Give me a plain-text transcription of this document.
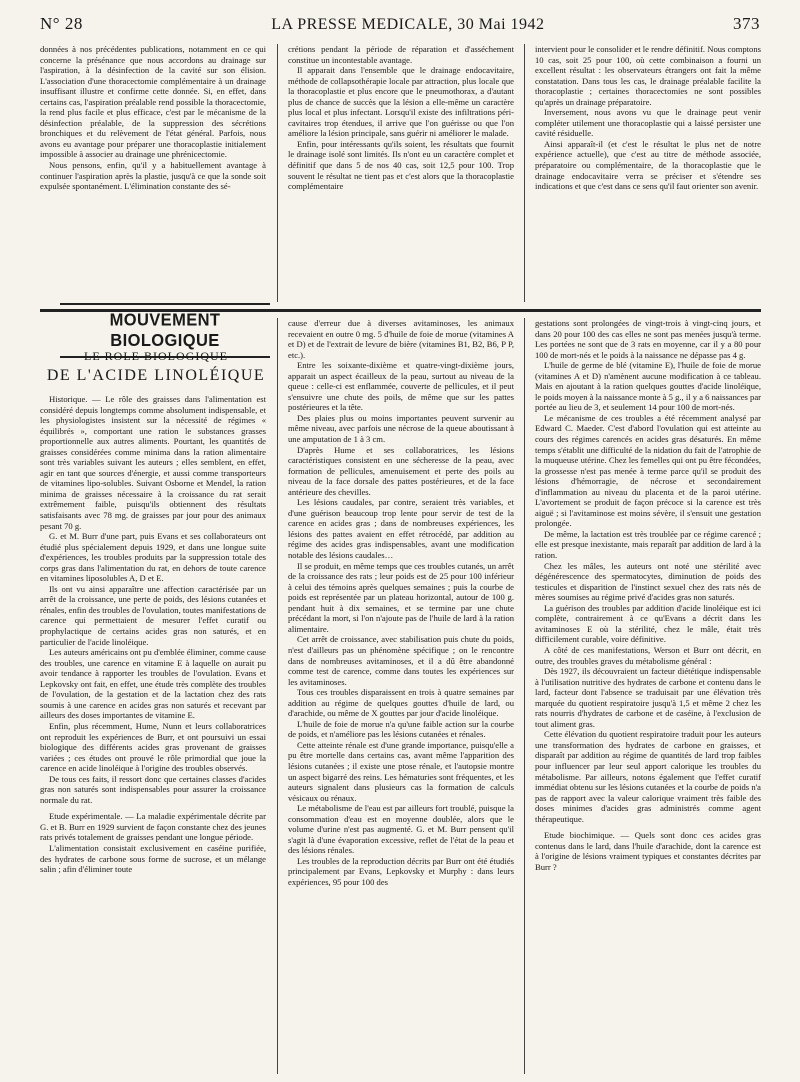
N° 28	LA PRESSE MEDICALE, 30 Mai 1942	373

données à nos précédentes publications, notamment en ce qui concerne la présénance que nous accordons au drainage sur l'aspiration, à la désinfection de la cavité sur son élision. L'association d'une thoracectomie complémentaire à un drainage insuffisant illustre et confirme cette donnée. Si, en effet, dans certains cas, l'aspiration préalable rend possible la thoracectomie, la rend plus facile et plus efficace, c'est par le mécanisme de la désinfection préalable, de la suppression des sécrétions bronchiques et du relèvement de l'état général. Parfois, nous avons eu avantage pour préparer une thoracoplastie initialement impossible à associer au drainage une phrénicectomie.

Nous pensons, enfin, qu'il y a habituellement avantage à continuer l'aspiration après la plastie, jusqu'à ce que la sonde soit expulsée spontanément. L'élimination constante des sé-

crétions pendant la période de réparation et d'asséchement constitue un incontestable avantage.

Il apparait dans l'ensemble que le drainage endocavitaire, méthode de collapsothérapie locale par attraction, plus locale que la thoracoplastie et plus encore que le pneumothorax, a d'autant plus de chance de succès que la lésion a elle-même un caractère plus local et plus infectant. Lorsqu'il existe des infiltrations péri-cavitaires trop étendues, il arrive que l'on guérisse ou que l'on améliore la lésion principale, sans guérir ni améliorer le malade.

Enfin, pour intéressants qu'ils soient, les résultats que fournit le drainage isolé sont limités. Ils n'ont eu un caractère complet et définitif que dans 5 de nos 40 cas, soit 12,5 pour 100. Trop souvent le résultat ne tient pas et c'est alors que la thoracoplastie complémentaire

intervient pour le consolider et le rendre définitif. Nous comptons 10 cas, soit 25 pour 100, où cette combinaison a fourni un excellent résultat : les observateurs étrangers ont fait la même constatation. Dans tous les cas, le drainage préalable facilite la thoracoplastie ; certaines thoracectomies ne sont possibles qu'après un drainage préparatoire.

Inversement, nous avons vu que le drainage peut venir compléter utilement une thoracoplastie qui a laissé persister une cavité résiduelle.

Ainsi apparaît-il (et c'est le résultat le plus net de notre expérience actuelle), que c'est au titre de méthode associée, préparatoire ou complémentaire, de la thoracoplastie que le drainage endocavitaire verra se préciser et s'étendre ses indications et que c'est dans ce sens qu'il faut orienter son avenir.

MOUVEMENT BIOLOGIQUE
LE ROLE BIOLOGIQUE
DE L'ACIDE LINOLÉIQUE

Historique. — Le rôle des graisses dans l'alimentation est considéré depuis longtemps comme absolument indispensable, et les physiologistes insistent sur la nécessité de régimes « équilibrés », comportant une ration le substances grasses proportionnelle aux autres aliments. Pourtant, les quantités de graisses considérées comme minima dans la ration alimentaire sont très variables suivant les auteurs ; elles semblent, en effet, agir en tant que sources d'énergie, et aussi comme transporteurs de vitamines lipo-solubles. Suivant Osborne et Mendel, la ration minima de graisses nécessaire à la croissance du rat serait extrêmement faible, puisqu'ils obtiennent des résultats satisfaisants avec 78 mg. de graisses par jour pour des animaux pesant 70 g.

G. et M. Burr d'une part, puis Evans et ses collaborateurs ont étudié plus spécialement depuis 1929, et dans une longue suite d'expériences, les troubles produits par la suppression totale des corps gras dans l'alimentation du rat, en dehors de toute carence en vitamines liposolubles A, D et E.

Ils ont vu ainsi apparaître une affection caractérisée par un arrêt de la croissance, une perte de poids, des lésions cutanées et rénales, enfin des troubles de l'ovulation, toutes manifestations de carence qui permettaient de mesurer l'effet curatif ou prophylactique de certains acides gras non saturés, et en particulier de l'acide linoléique.

Les auteurs américains ont pu d'emblée éliminer, comme cause des troubles, une carence en vitamine E à laquelle on aurait pu avoir tendance à rapporter les troubles de l'ovulation. Evans et Lepkovsky ont fait, en effet, une étude très complète des troubles de l'ovulation, de la gestation et de la lactation chez des rats soumis à une carence en acides gras non saturés et recevant par ailleurs des doses importantes de vitamine E.

Enfin, plus récemment, Hume, Nunn et leurs collaboratrices ont reproduit les expériences de Burr, et ont poursuivi un essai biologique des différents acides gras provenant de graisses variées ; ces études ont prouvé le rôle primordial que joue la carence en acide linoléique à l'origine des troubles observés.

De tous ces faits, il ressort donc que certaines classes d'acides gras non saturés sont indispensables pour assurer la croissance normale du rat.

Etude expérimentale. — La maladie expérimentale décrite par G. et B. Burr en 1929 survient de façon constante chez des jeunes rats privés totalement de graisses pendant une longue période.

L'alimentation consistait exclusivement en caséine purifiée, des hydrates de carbone sous forme de sucrose, et un mélange salin ; afin d'éliminer toute

cause d'erreur due à diverses avitaminoses, les animaux recevaient en outre 0 mg. 5 d'huile de foie de morue (vitamines A et D) et de l'extrait de levure de bière (vitamines B1, B2, B6, P P, etc.).

Entre les soixante-dixième et quatre-vingt-dixième jours, apparait un aspect écailleux de la peau, surtout au niveau de la queue : celle-ci est enflammée, couverte de pellicules, et il peut s'ensuivre une chute des poils, de même que sur les pattes postérieures et la tête.

Des plaies plus ou moins importantes peuvent survenir au même niveau, avec parfois une nécrose de la queue aboutissant à une amputation de 1 à 3 cm.

D'après Hume et ses collaboratrices, les lésions caractéristiques consistent en une sécheresse de la peau, avec formation de pellicules, amenuisement et perte des poils au niveau de la face dorsale des pattes postérieures, et de la face antérieure des chevilles.

Les lésions caudales, par contre, seraient très variables, et d'une guérison beaucoup trop lente pour servir de test de la carence en acides gras ; dans de nombreuses expériences, les lésions des pattes avaient en effet rétrocédé, par addition au régime des acides gras indispensables, avant une modification notable des lésions caudales…

Il se produit, en même temps que ces troubles cutanés, un arrêt de la croissance des rats ; leur poids est de 25 pour 100 inférieur à celui des témoins après quelques semaines ; puis la courbe de poids est représentée par un plateau horizontal, autour de 100 g. pendant huit à dix semaines, et se termine par une chute précédant la mort, si l'on n'ajoute pas de l'huile de lard à la ration alimentaire.

Cet arrêt de croissance, avec stabilisation puis chute du poids, n'est d'ailleurs pas un phénomène spécifique ; on le rencontre dans de nombreuses avitaminoses, et il a dû être abandonné comme test de carence, comme dans toutes les expériences sur les avitaminoses.

Tous ces troubles disparaissent en trois à quatre semaines par addition au régime de quelques gouttes d'huile de lard, ou d'arachide, ou même de X gouttes par jour d'acide linoléique.

L'huile de foie de morue n'a qu'une faible action sur la courbe de poids, et n'améliore pas les lésions cutanées et rénales.

Cette atteinte rénale est d'une grande importance, puisqu'elle a pu être mortelle dans certains cas, avant même l'apparition des lésions cutanées ; il existe une ptose rénale, et l'autopsie montre un aspect bigarré des reins. Les hématuries sont fréquentes, et les auteurs signalent dans plusieurs cas la formation de calculs vésicaux ou rénaux.

Le métabolisme de l'eau est par ailleurs fort troublé, puisque la consommation d'eau est en moyenne doublée, alors que le volume d'urine n'est pas augmenté. G. et M. Burr pensent qu'il s'agit là d'une évaporation excessive, reflet de l'état de la peau et des lésions rénales.

Les troubles de la reproduction décrits par Burr ont été étudiés principalement par Evans, Lepkovsky et Murphy : dans leurs expériences, 95 pour 100 des

gestations sont prolongées de vingt-trois à vingt-cinq jours, et dans 20 pour 100 des cas elles ne sont pas menées jusqu'à terme. Les portées ne sont que de 3 rats en moyenne, car il y a 80 pour 100 de mort-nés et le poids à la naissance ne dépasse pas 4 g.

L'huile de germe de blé (vitamine E), l'huile de foie de morue (vitamines A et D) n'amènent aucune modification à ce tableau. Mais en ajoutant à la ration quelques gouttes d'acide linoléique, le poids moyen à la naissance monte à 5 g., il y a 6 naissances par portée au lieu de 3, et seulement 14 pour 100 de mort-nés.

Le mécanisme de ces troubles a été récemment analysé par Edward C. Maeder. C'est d'abord l'ovulation qui est atteinte au cours des régimes carencés en acides gras désaturés. En même temps s'établit une difficulté de la nidation du fait de l'atrophie de la muqueuse utérine. Chez les femelles qui ont pu être fécondées, la grossesse n'est pas menée à terme parce qu'il se produit des lésions d'hémorragie, de nécrose et secondairement d'inflammation au niveau du placenta et de la paroi utérine. L'avortement se produit de façon précoce si la carence est très aiguë ; si l'avitaminose est moins sévère, il s'ensuit une gestation prolongée.

De même, la lactation est très troublée par ce régime carencé ; elle est presque inexistante, mais reparaît par addition de lard à la ration.

Chez les mâles, les auteurs ont noté une stérilité avec dégénérescence des spermatocytes, diminution de poids des testicules et disparition de l'instinct sexuel chez des rats nés de mères soumises au régime privé d'acides gras non saturés.

La guérison des troubles par addition d'acide linoléique est ici complète, contrairement à ce qu'Evans a décrit dans les avitaminoses E où la stérilité, chez le mâle, était très difficilement curable, voire définitive.

A côté de ces manifestations, Werson et Burr ont décrit, en outre, des troubles graves du métabolisme général :

Dès 1927, ils découvraient un facteur diététique indispensable à l'utilisation nutritive des hydrates de carbone et contenu dans le lard, facteur dont l'absence se traduisait par une élévation très marquée du quotient respiratoire jusqu'à 1,5 et même 2 chez les rats nourris d'hydrates de carbone et de caséine, à l'exclusion de tout aliment gras.

Cette élévation du quotient respiratoire traduit pour les auteurs une transformation des hydrates de carbone en graisses, et disparaît par addition au régime de quantités de lard trop faibles pour influencer par leur seul apport calorique les troubles du métabolisme. Par ailleurs, notons également que l'effet curatif immédiat obtenu sur les lésions cutanées et la courbe de poids n'a pas de rapport avec la valeur calorique vraiment très faible des doses minimes d'acides gras administrés comme agent thérapeutique.

Etude biochimique. — Quels sont donc ces acides gras contenus dans le lard, dans l'huile d'arachide, dont la carence est à l'origine de lésions vraiment typiques et constantes décrites par Burr ?
